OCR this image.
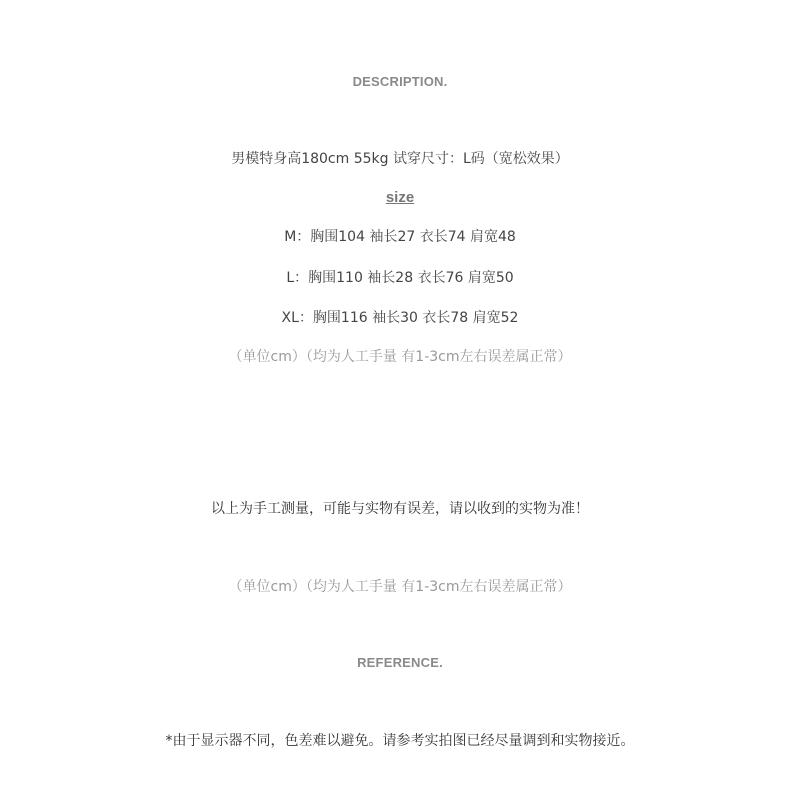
DESCRIPTION.
男模特身高180cm 55kg 试穿尺寸：L码（宽松效果）
size
M：胸围104 袖长27 衣长74 肩宽48
L：胸围110 袖长28 衣长76 肩宽50
XL：胸围116 袖长30 衣长78 肩宽52
（单位cm）（均为人工手量 有1-3cm左右误差属正常）
以上为手工测量，可能与实物有误差，请以收到的实物为准！
（单位cm）（均为人工手量 有1-3cm左右误差属正常）
REFERENCE.
*由于显示器不同，色差难以避免。请参考实拍图已经尽量调到和实物接近。
